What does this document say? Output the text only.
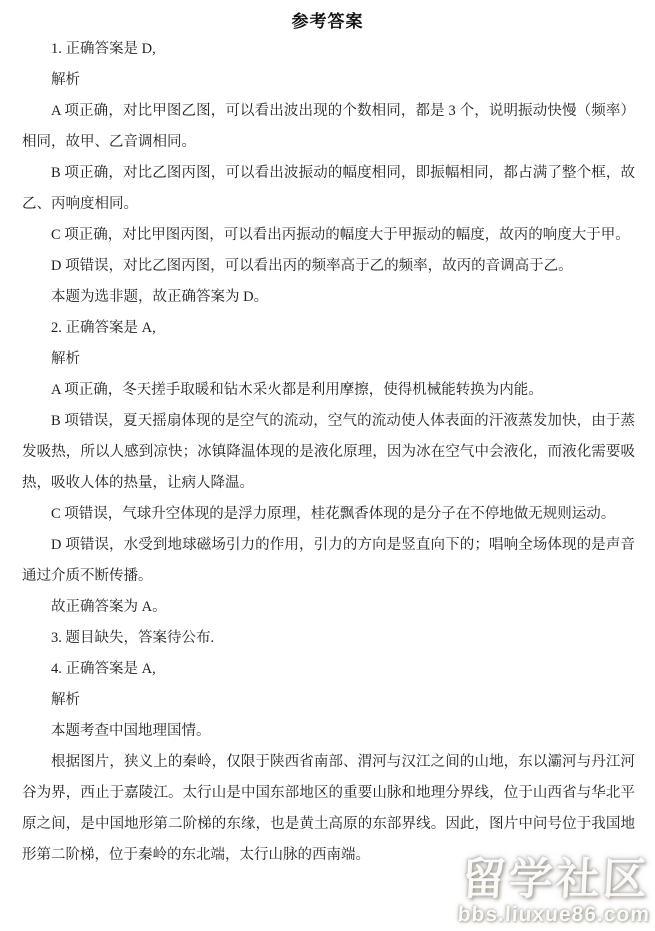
参考答案

1. 正确答案是 D,

解析

A 项正确，对比甲图乙图，可以看出波出现的个数相同，都是 3 个，说明振动快慢（频率）相同，故甲、乙音调相同。

B 项正确，对比乙图丙图，可以看出波振动的幅度相同，即振幅相同，都占满了整个框，故乙、丙响度相同。

C 项正确，对比甲图丙图，可以看出丙振动的幅度大于甲振动的幅度，故丙的响度大于甲。

D 项错误，对比乙图丙图，可以看出丙的频率高于乙的频率，故丙的音调高于乙。

本题为选非题，故正确答案为 D。

2. 正确答案是 A,

解析

A 项正确，冬天搓手取暖和钻木采火都是利用摩擦，使得机械能转换为内能。

B 项错误，夏天摇扇体现的是空气的流动，空气的流动使人体表面的汗液蒸发加快，由于蒸发吸热，所以人感到凉快；冰镇降温体现的是液化原理，因为冰在空气中会液化，而液化需要吸热，吸收人体的热量，让病人降温。

C 项错误，气球升空体现的是浮力原理，桂花飘香体现的是分子在不停地做无规则运动。

D 项错误，水受到地球磁场引力的作用，引力的方向是竖直向下的；唱响全场体现的是声音通过介质不断传播。

故正确答案为 A。

3. 题目缺失，答案待公布.

4. 正确答案是 A,

解析

本题考查中国地理国情。

根据图片，狭义上的秦岭，仅限于陕西省南部、渭河与汉江之间的山地，东以灞河与丹江河谷为界，西止于嘉陵江。太行山是中国东部地区的重要山脉和地理分界线，位于山西省与华北平原之间，是中国地形第二阶梯的东缘，也是黄土高原的东部界线。因此，图片中问号位于我国地形第二阶梯，位于秦岭的东北端，太行山脉的西南端。	留学社区
bbs.liuxue86.com
